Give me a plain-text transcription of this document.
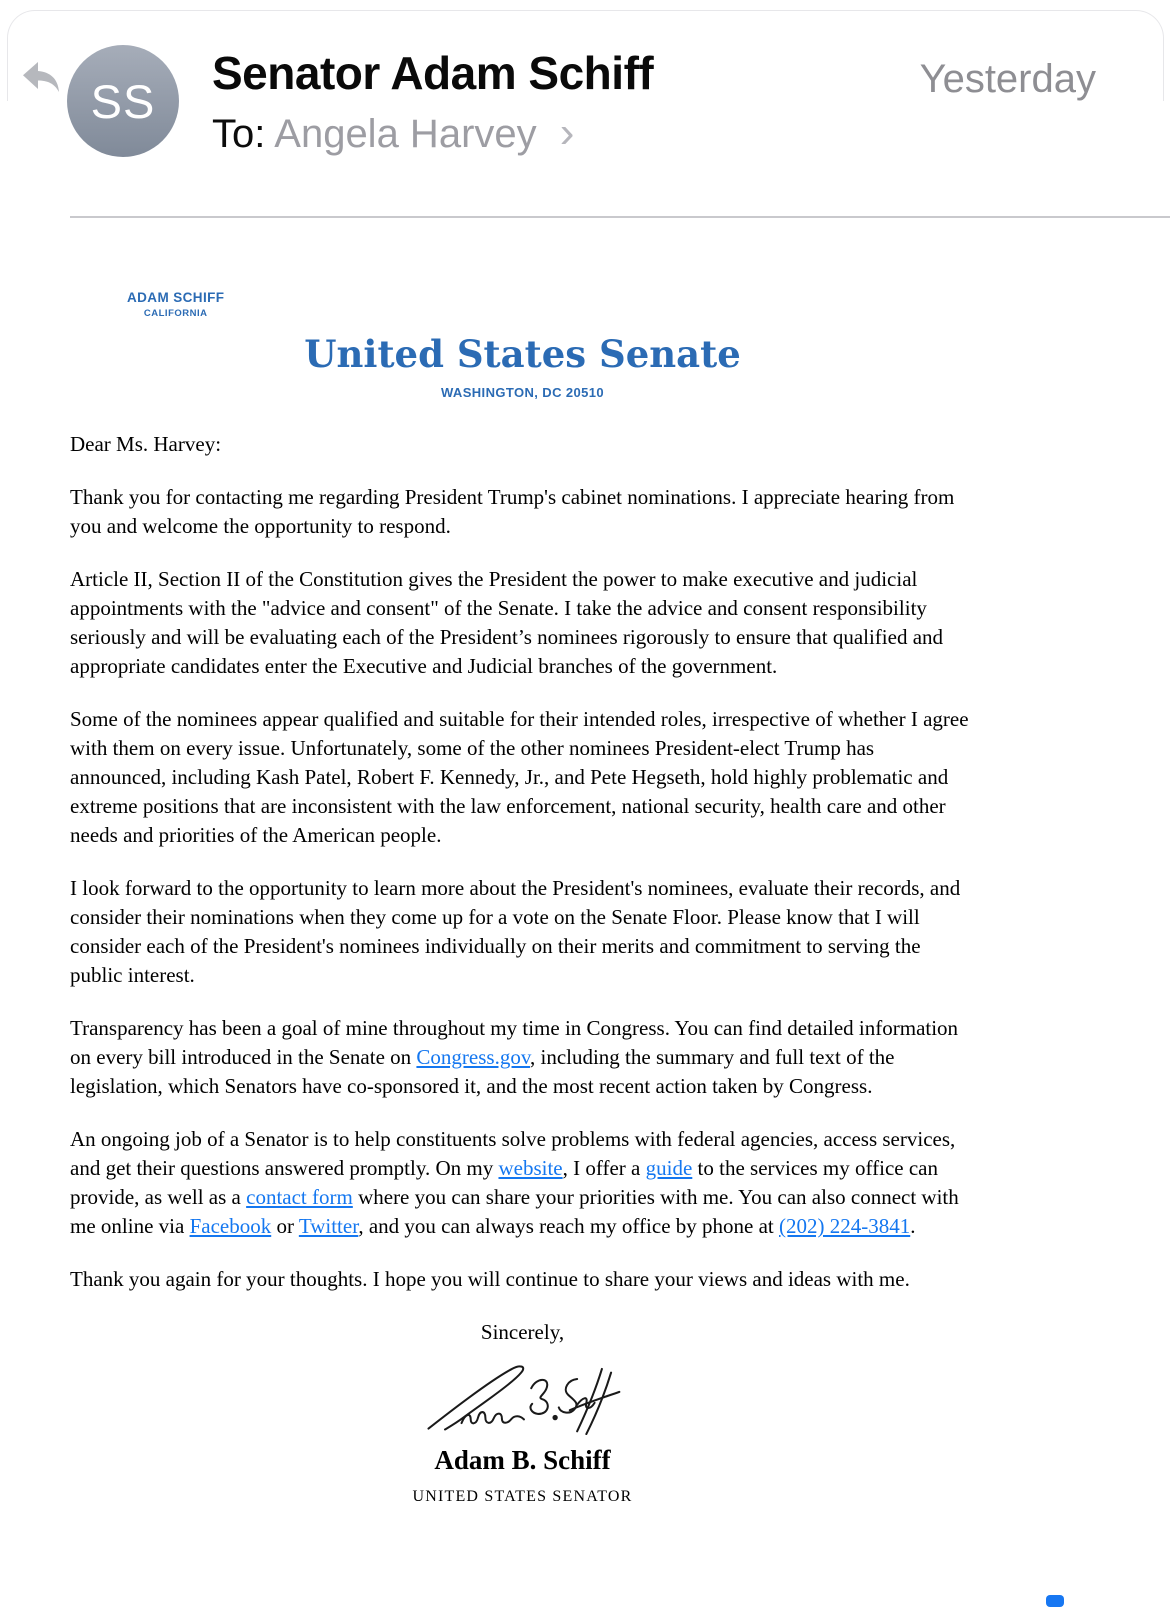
SS
Senator Adam Schiff
To: Angela Harvey ›
Yesterday
ADAM SCHIFF
CALIFORNIA
United States Senate
WASHINGTON, DC 20510

Dear Ms. Harvey:

Thank you for contacting me regarding President Trump's cabinet nominations. I appreciate hearing from you and welcome the opportunity to respond.

Article II, Section II of the Constitution gives the President the power to make executive and judicial appointments with the "advice and consent" of the Senate. I take the advice and consent responsibility seriously and will be evaluating each of the President’s nominees rigorously to ensure that qualified and appropriate candidates enter the Executive and Judicial branches of the government.

Some of the nominees appear qualified and suitable for their intended roles, irrespective of whether I agree with them on every issue. Unfortunately, some of the other nominees President-elect Trump has announced, including Kash Patel, Robert F. Kennedy, Jr., and Pete Hegseth, hold highly problematic and extreme positions that are inconsistent with the law enforcement, national security, health care and other needs and priorities of the American people.

I look forward to the opportunity to learn more about the President's nominees, evaluate their records, and consider their nominations when they come up for a vote on the Senate Floor. Please know that I will consider each of the President's nominees individually on their merits and commitment to serving the public interest.

Transparency has been a goal of mine throughout my time in Congress. You can find detailed information on every bill introduced in the Senate on Congress.gov, including the summary and full text of the legislation, which Senators have co-sponsored it, and the most recent action taken by Congress.

An ongoing job of a Senator is to help constituents solve problems with federal agencies, access services, and get their questions answered promptly. On my website, I offer a guide to the services my office can provide, as well as a contact form where you can share your priorities with me. You can also connect with me online via Facebook or Twitter, and you can always reach my office by phone at (202) 224-3841.

Thank you again for your thoughts. I hope you will continue to share your views and ideas with me.

Sincerely,

Adam B. Schiff
UNITED STATES SENATOR
